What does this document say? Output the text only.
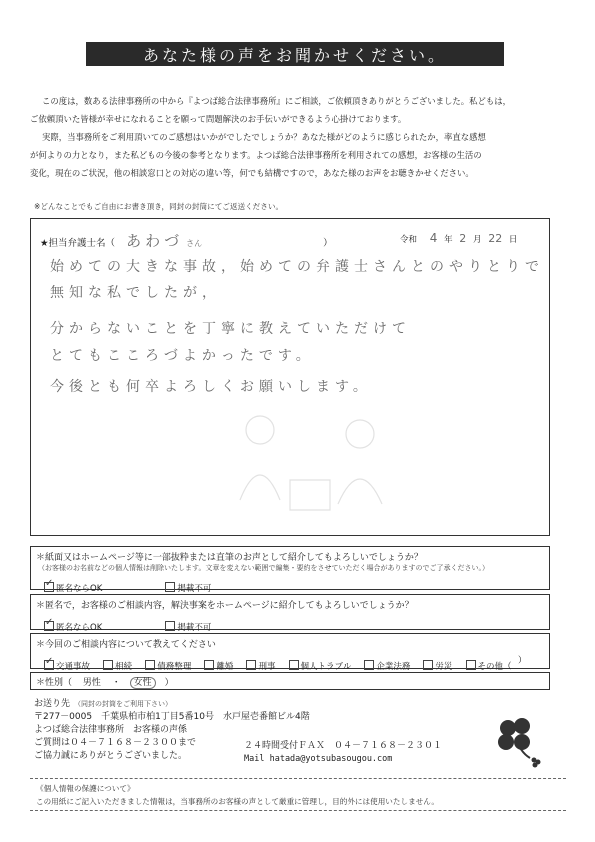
あなた様の声をお聞かせください。
この度は，数ある法律事務所の中から『よつば総合法律事務所』にご相談，ご依頼頂きありがとうございました。私どもは，
ご依頼頂いた皆様が幸せになれることを願って問題解決のお手伝いができるよう心掛けております。
実際，当事務所をご利用頂いてのご感想はいかがでしたでしょうか？あなた様がどのように感じられたか，率直な感想
が何よりの力となり，また私どもの今後の参考となります。よつば総合法律事務所を利用されての感想，お客様の生活の
変化，現在のご状況，他の相談窓口との対応の違い等，何でも結構ですので，あなた様のお声をお聴きかせください。
※どんなことでもご自由にお書き頂き，同封の封筒にてご返送ください。
★担当弁護士名（ あわづ さん	）	令和 4 年 2 月 22 日
始めての大きな事故，始めての弁護士さんとのやりとりで
無知な私でしたが，
分からないことを丁寧に教えていただけて
とてもこころづよかったです。
今後とも何卒よろしくお願いします。
＊紙面又はホームページ等に一部抜粋または直筆のお声として紹介してもよろしいでしょうか？
（お客様のお名前などの個人情報は削除いたします。文章を変えない範囲で編集・要約をさせていただく場合がありますのでご了承ください。）
✓匿名ならOK	掲載不可
＊匿名で，お客様のご相談内容，解決事案をホームページに紹介してもよろしいでしょうか？
✓匿名ならOK	掲載不可
＊今回のご相談内容について教えてください
✓交通事故	相続	債務整理	離婚	刑事	個人トラブル	企業法務	労災	その他（
）
＊性別（ 男性 ・ 女性 ）
お送り先 （同封の封筒をご利用下さい）
〒277－0005　千葉県柏市柏1丁目5番10号　水戸屋壱番館ビル4階
よつば総合法律事務所　お客様の声係
ご質問は０４－７１６８－２３００まで
ご協力誠にありがとうございました。
２４時間受付ＦＡＸ　０４－７１６８－２３０１
Mail hatada@yotsubasougou.com
《個人情報の保護について》
この用紙にご記入いただきました情報は，当事務所のお客様の声として厳重に管理し，目的外には使用いたしません。
